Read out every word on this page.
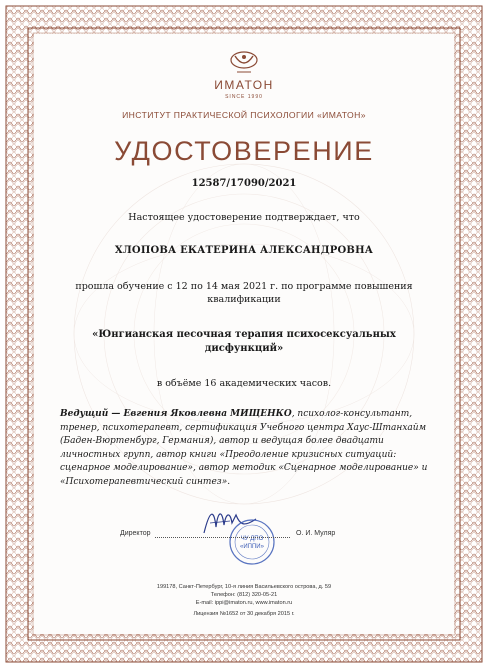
ИМАТОН
SINCE 1990
ИНСТИТУТ ПРАКТИЧЕСКОЙ ПСИХОЛОГИИ «ИМАТОН»
УДОСТОВЕРЕНИЕ
12587/17090/2021
Настоящее удостоверение подтверждает, что
ХЛОПОВА ЕКАТЕРИНА АЛЕКСАНДРОВНА
прошла обучение с 12 по 14 мая 2021 г. по программе повышения квалификации
«Юнгианская песочная терапия психосексуальных дисфункций»
в объёме 16 академических часов.
Ведущий — Евгения Яковлевна МИЩЕНКО, психолог-консультант, тренер, психотерапевт, сертификация Учебного центра Хаус-Штанхайм (Баден-Вюртенбург, Германия), автор и ведущая более двадцати личностных групп, автор книги «Преодоление кризисных ситуаций: сценарное моделирование», автор методик «Сценарное моделирование» и «Психотерапевтический синтез».
ЧУ ДПО
«ИППИ»
Директор	О. И. Муляр
199178, Санкт-Петербург, 10-я линия Васильевского острова, д. 59
Телефон: (812) 320-05-21
E-mail: ippi@imaton.ru, www.imaton.ru
Лицензия №1652 от 30 декабря 2015 г.
